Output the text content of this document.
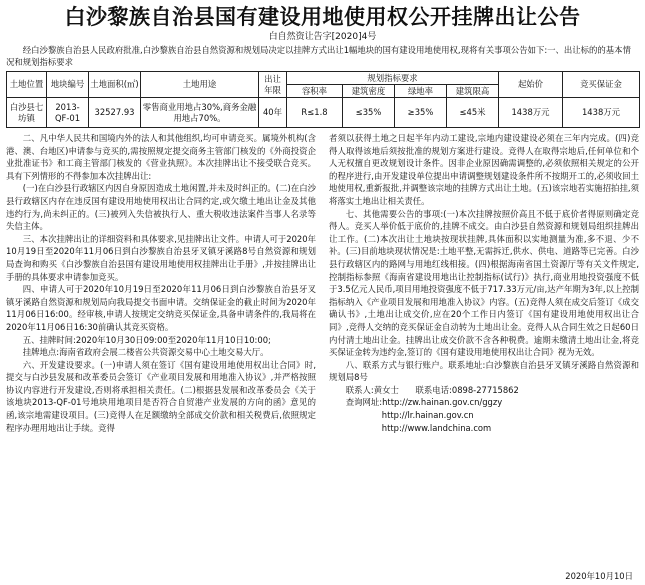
白沙黎族自治县国有建设用地使用权公开挂牌出让公告
白自然资让告字[2020]4号

经白沙黎族自治县人民政府批准,白沙黎族自治县自然资源和规划局决定以挂牌方式出让1幅地块的国有建设用地使用权,现将有关事项公告如下:一、出让标的的基本情况和规划指标要求

土地位置	地块编号	土地面积(㎡)	土地用途	出让年限	规划指标要求				起始价	竞买保证金
					容积率	建筑密度	绿地率	建筑限高		
白沙县七坊镇	2013-QF-01	32527.93	零售商业用地占30%,商务金融用地占70%。	40年	R≤1.8	≤35%	≥35%	≤45米	1438万元	1438万元

二、凡中华人民共和国境内外的法人和其他组织,均可申请竞买。属境外机构(含港、澳、台地区)申请参与竞买的,需按照规定提交商务主管部门核发的《外商投资企业批准证书》和工商主管部门核发的《营业执照》。本次挂牌出让不接受联合竞买。具有下列情形的不得参加本次挂牌出让:

(一)在白沙县行政辖区内因自身原因造成土地闲置,并未及时纠正的。(二)在白沙县行政辖区内存在违反国有建设用地使用权出让合同约定,或欠缴土地出让金及其他违约行为,尚未纠正的。(三)被列入失信被执行人、重大税收违法案件当事人名录等失信主体。

三、本次挂牌出让的详细资料和具体要求,见挂牌出让文件。申请人可于2020年10月19日至2020年11月06日到白沙黎族自治县牙叉镇牙溪路8号自然资源和规划局查询和购买《白沙黎族自治县国有建设用地使用权挂牌出让手册》,并按挂牌出让手册的具体要求申请参加竞买。

四、申请人可于2020年10月19日至2020年11月06日到白沙黎族自治县牙叉镇牙溪路自然资源和规划局向我局提交书面申请。交纳保证金的截止时间为2020年11月06日16:00。经审核,申请人按规定交纳竞买保证金,具备申请条件的,我局将在2020年11月06日16:30前确认其竞买资格。

五、挂牌时间:2020年10月30日09:00至2020年11月10日10:00;

挂牌地点:海南省政府会展二楼省公共资源交易中心土地交易大厅。

六、开发建设要求。(一)申请人须在签订《国有建设用地使用权出让合同》时,提交与白沙县发展和改革委员会签订《产业项目发展和用地准入协议》,并严格按照协议内容进行开发建设,否则将承担相关责任。(二)根据县发展和改革委员会《关于该地块2013-QF-01号地块用地项目是否符合自贸港产业发展的方向的函》意见的函,该宗地需建设项目。(三)竞得人在足额缴纳全部成交价款和相关税费后,依照规定程序办理用地出让手续。竞得

者须以获得土地之日起半年内动工建设,宗地内建设建设必须在三年内完成。(四)竞得人取得该地后须按批准的规划方案进行建设。竞得人在取得宗地后,任何单位和个人无权擅自更改规划设计条件。因非企业原因确需调整的,必须依照相关规定的公开的程序进行,由开发建设单位提出申请调整规划建设条件所不按期开工的,必须收回土地使用权,重新报批,并调整该宗地的挂牌方式出让土地。(五)该宗地若实施招拍挂,须将落实土地出让相关责任。

七、其他需要公告的事项:(一)本次挂牌按照价高且不低于底价者得原则确定竞得人。竞买人举价低于底价的,挂牌不成交。由白沙县自然资源和规划局组织挂牌出让工作。(二)本次出让土地块按现状挂牌,具体面积以实地测量为准,多不退、少不补。(三)目前地块现状情况是:土地平整,无需拆迁,供水、供电、道路等已完善。白沙县行政辖区内的路网与用地红线相接。(四)根据海南省国土资源厅等有关文件规定,控制指标参照《海南省建设用地出让控制指标(试行)》执行,商业用地投资强度不低于3.5亿元人民币,项目用地投资强度不低于717.33万元/亩,达产年期为3年,以上控制指标纳入《产业项目发展和用地准入协议》内容。(五)竞得人须在成交后签订《成交确认书》,土地出让成交价,应在20个工作日内签订《国有建设用地使用权出让合同》,竞得人交纳的竞买保证金自动转为土地出让金。竞得人从合同生效之日起60日内付清土地出让金。挂牌出让成交价款不含各种税费。逾期未缴清土地出让金,将竞买保证金转为违约金,签订的《国有建设用地使用权出让合同》视为无效。

八、联系方式与银行账户。联系地址:白沙黎族自治县牙叉镇牙溪路自然资源和规划局8号

联系人:黄女士 联系电话:0898-27715862

查询网址:http://zw.hainan.gov.cn/ggzy

http://lr.hainan.gov.cn

http://www.landchina.com

2020年10月10日
